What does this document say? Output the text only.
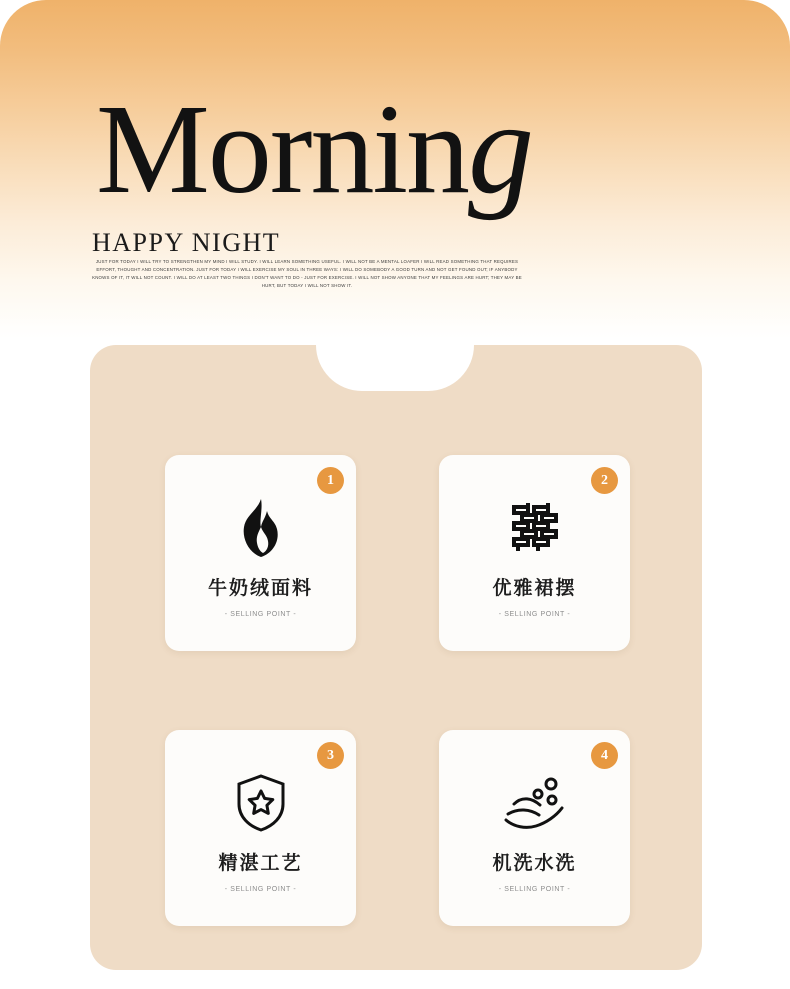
Morning
HAPPY NIGHT
JUST FOR TODAY I WILL TRY TO STRENGTHEN MY MIND I WILL STUDY. I WILL LEARN SOMETHING USEFUL. I WILL NOT BE A MENTAL LOAFER I WILL READ SOMETHING THAT REQUIRES EFFORT, THOUGHT AND CONCENTRATION. JUST FOR TODAY I WILL EXERCISE MY SOUL IN THREE WAYS: I WILL DO SOMEBODY A GOOD TURN AND NOT GET FOUND OUT; IF ANYBODY KNOWS OF IT, IT WILL NOT COUNT. I WILL DO AT LEAST TWO THINGS I DON'T WANT TO DO - JUST FOR EXERCISE. I WILL NOT SHOW ANYONE THAT MY FEELINGS ARE HURT; THEY MAY BE HURT, BUT TODAY I WILL NOT SHOW IT.
1
牛奶绒面料
- SELLING POINT -
2
优雅裙摆
- SELLING POINT -
3
精湛工艺
- SELLING POINT -
4
机洗水洗
- SELLING POINT -
